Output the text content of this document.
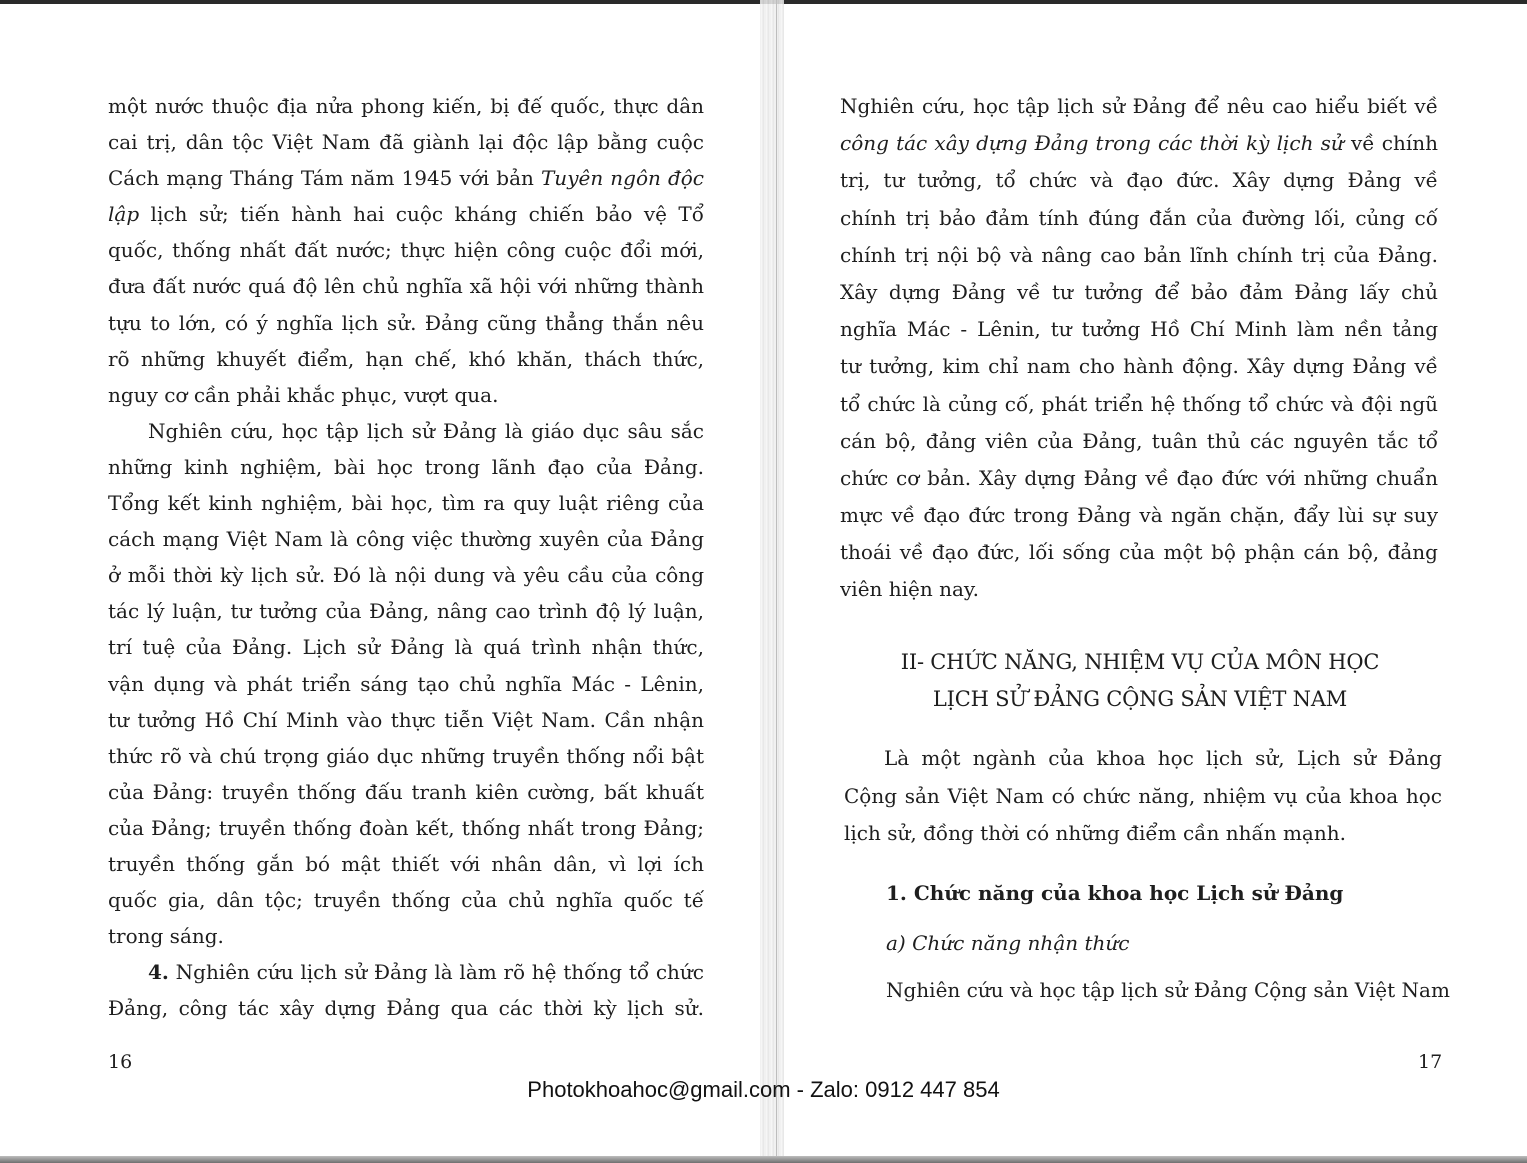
một nước thuộc địa nửa phong kiến, bị đế quốc, thực dân
cai trị, dân tộc Việt Nam đã giành lại độc lập bằng cuộc
Cách mạng Tháng Tám năm 1945 với bản Tuyên ngôn độc
lập lịch sử; tiến hành hai cuộc kháng chiến bảo vệ Tổ
quốc, thống nhất đất nước; thực hiện công cuộc đổi mới,
đưa đất nước quá độ lên chủ nghĩa xã hội với những thành
tựu to lớn, có ý nghĩa lịch sử. Đảng cũng thẳng thắn nêu
rõ những khuyết điểm, hạn chế, khó khăn, thách thức,
nguy cơ cần phải khắc phục, vượt qua.
Nghiên cứu, học tập lịch sử Đảng là giáo dục sâu sắc
những kinh nghiệm, bài học trong lãnh đạo của Đảng.
Tổng kết kinh nghiệm, bài học, tìm ra quy luật riêng của
cách mạng Việt Nam là công việc thường xuyên của Đảng
ở mỗi thời kỳ lịch sử. Đó là nội dung và yêu cầu của công
tác lý luận, tư tưởng của Đảng, nâng cao trình độ lý luận,
trí tuệ của Đảng. Lịch sử Đảng là quá trình nhận thức,
vận dụng và phát triển sáng tạo chủ nghĩa Mác - Lênin,
tư tưởng Hồ Chí Minh vào thực tiễn Việt Nam. Cần nhận
thức rõ và chú trọng giáo dục những truyền thống nổi bật
của Đảng: truyền thống đấu tranh kiên cường, bất khuất
của Đảng; truyền thống đoàn kết, thống nhất trong Đảng;
truyền thống gắn bó mật thiết với nhân dân, vì lợi ích
quốc gia, dân tộc; truyền thống của chủ nghĩa quốc tế
trong sáng.
4. Nghiên cứu lịch sử Đảng là làm rõ hệ thống tổ chức
Đảng, công tác xây dựng Đảng qua các thời kỳ lịch sử.
Nghiên cứu, học tập lịch sử Đảng để nêu cao hiểu biết về
công tác xây dựng Đảng trong các thời kỳ lịch sử về chính
trị, tư tưởng, tổ chức và đạo đức. Xây dựng Đảng về
chính trị bảo đảm tính đúng đắn của đường lối, củng cố
chính trị nội bộ và nâng cao bản lĩnh chính trị của Đảng.
Xây dựng Đảng về tư tưởng để bảo đảm Đảng lấy chủ
nghĩa Mác - Lênin, tư tưởng Hồ Chí Minh làm nền tảng
tư tưởng, kim chỉ nam cho hành động. Xây dựng Đảng về
tổ chức là củng cố, phát triển hệ thống tổ chức và đội ngũ
cán bộ, đảng viên của Đảng, tuân thủ các nguyên tắc tổ
chức cơ bản. Xây dựng Đảng về đạo đức với những chuẩn
mực về đạo đức trong Đảng và ngăn chặn, đẩy lùi sự suy
thoái về đạo đức, lối sống của một bộ phận cán bộ, đảng
viên hiện nay.
II- CHỨC NĂNG, NHIỆM VỤ CỦA MÔN HỌC
LỊCH SỬ ĐẢNG CỘNG SẢN VIỆT NAM
Là một ngành của khoa học lịch sử, Lịch sử Đảng
Cộng sản Việt Nam có chức năng, nhiệm vụ của khoa học
lịch sử, đồng thời có những điểm cần nhấn mạnh.
1. Chức năng của khoa học Lịch sử Đảng
a) Chức năng nhận thức
Nghiên cứu và học tập lịch sử Đảng Cộng sản Việt Nam
16	17
Photokhoahoc@gmail.com - Zalo: 0912 447 854
